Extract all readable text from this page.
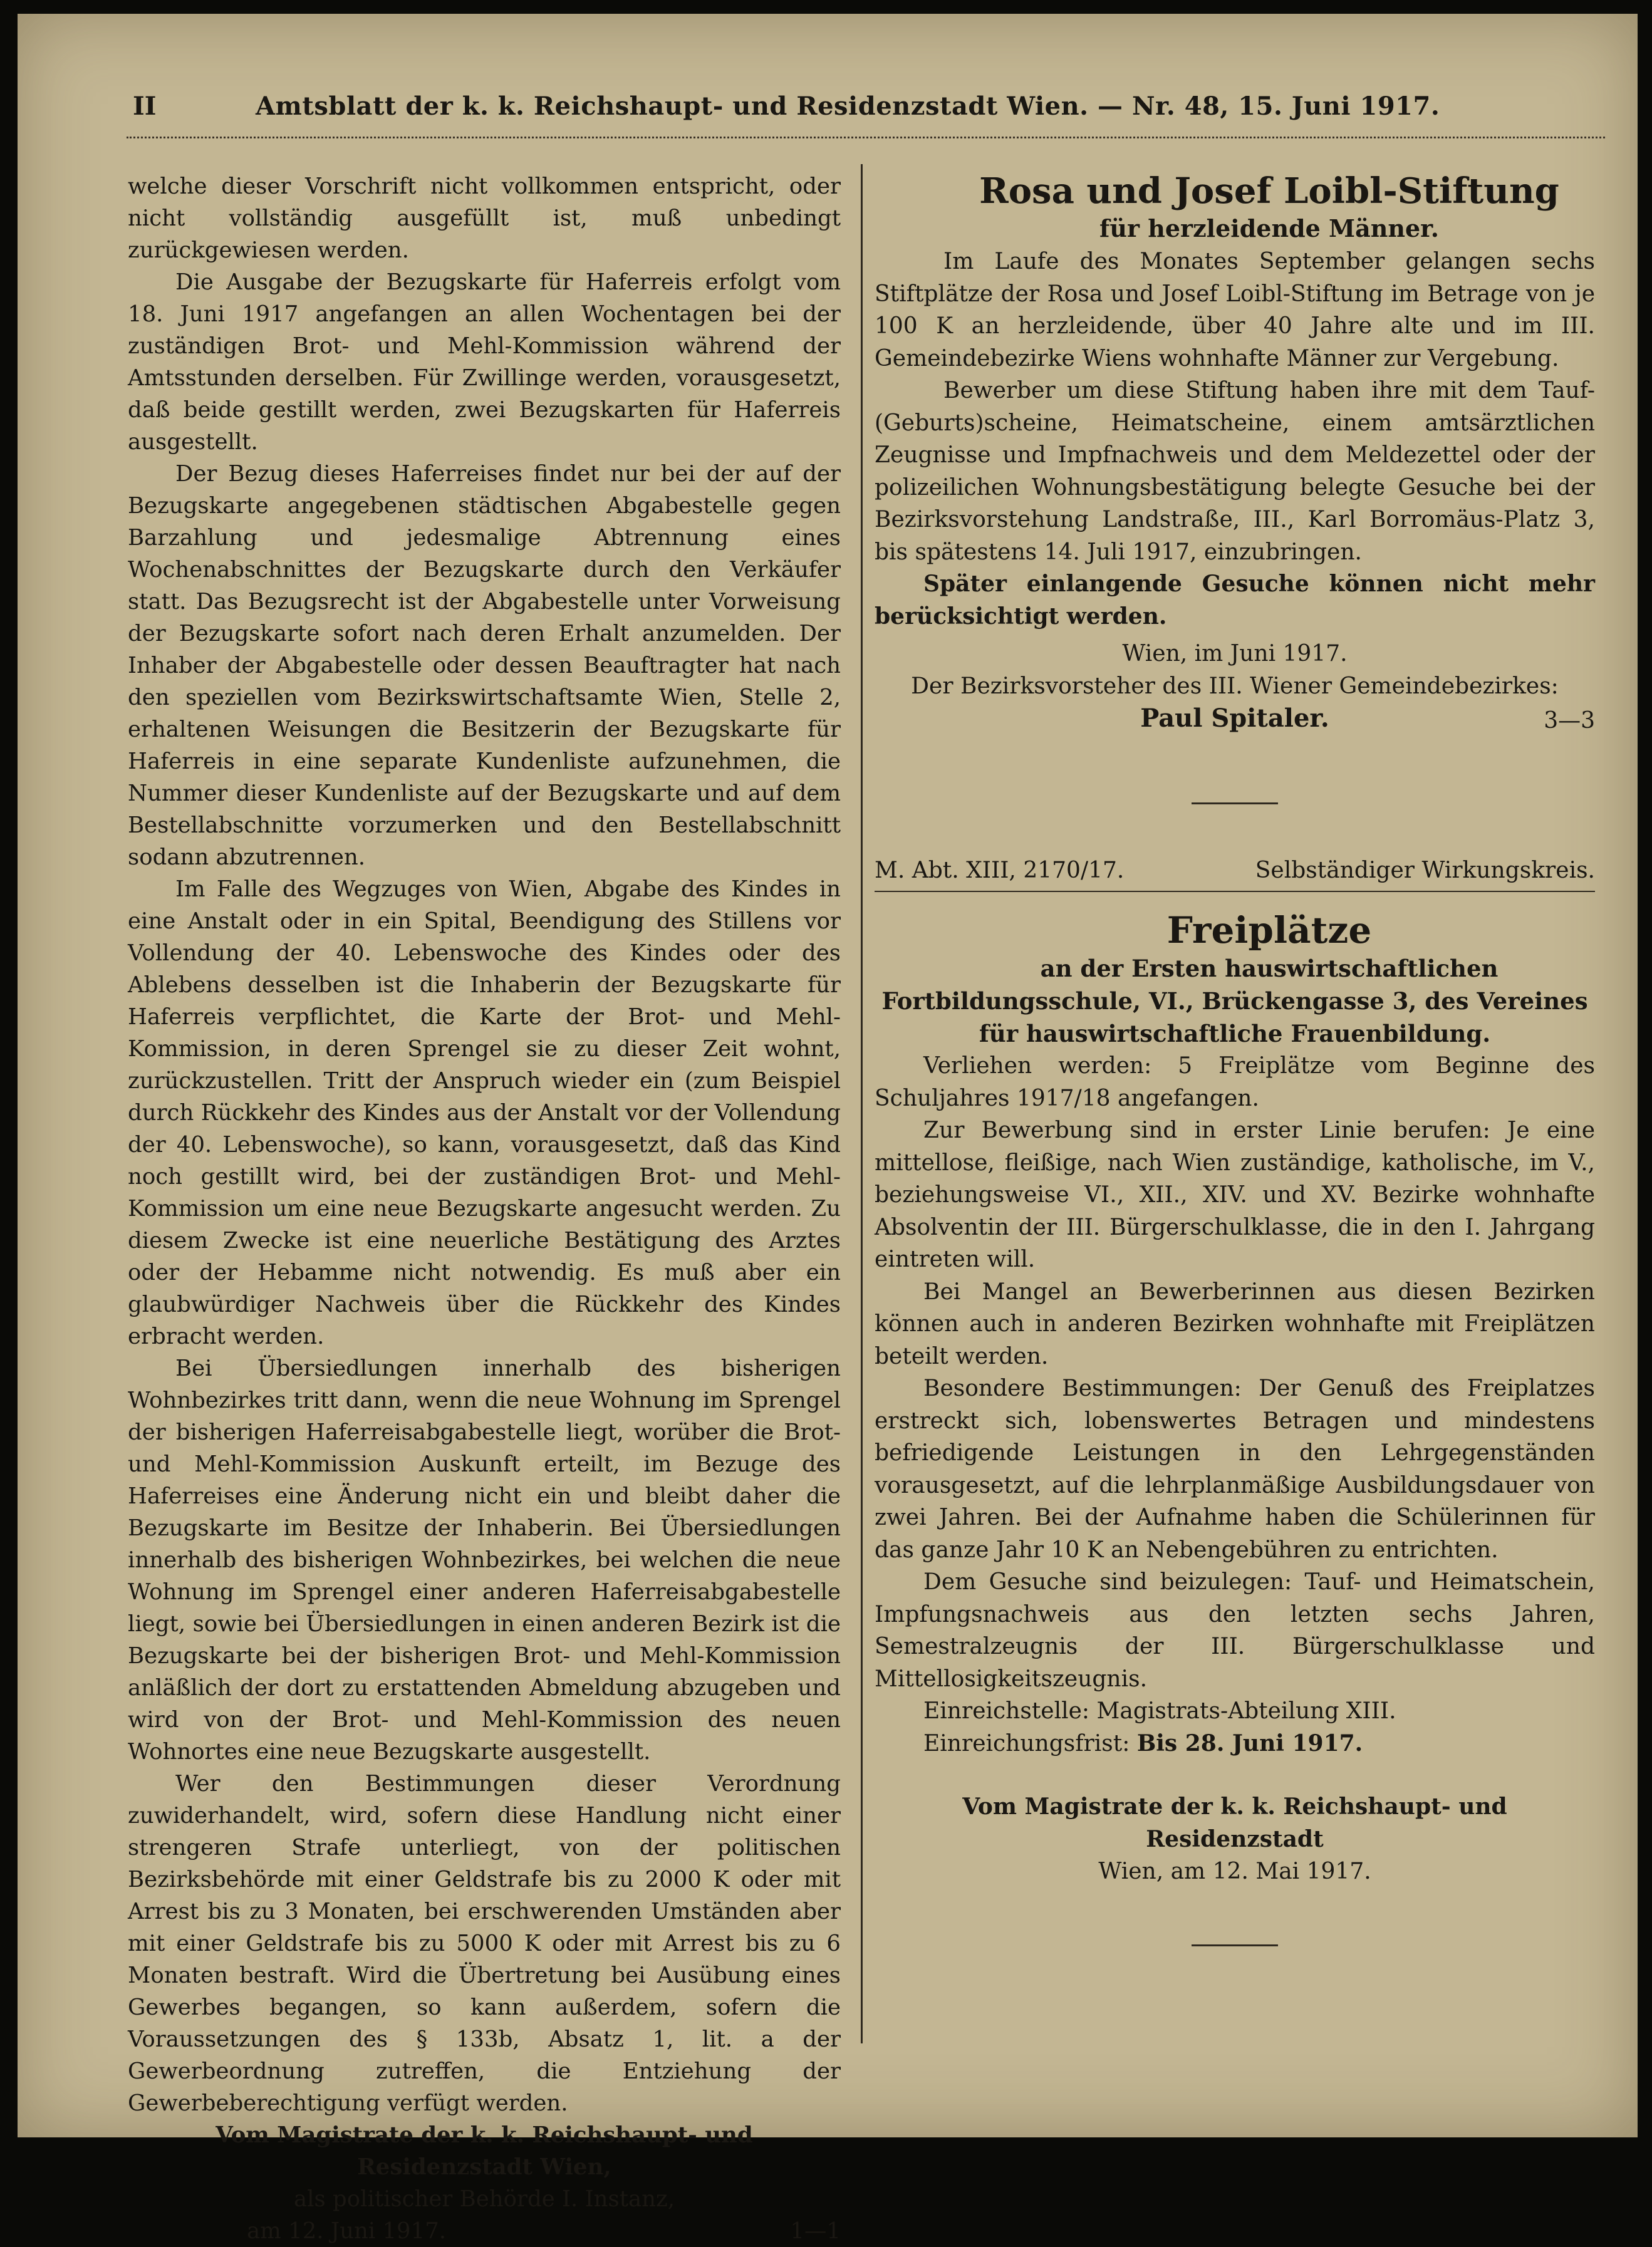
II	Amtsblatt der k. k. Reichshaupt- und Residenzstadt Wien. — Nr. 48, 15. Juni 1917.

welche dieser Vorschrift nicht vollkommen entspricht, oder nicht vollständig ausgefüllt ist, muß unbedingt zurückgewiesen werden.

Die Ausgabe der Bezugskarte für Haferreis erfolgt vom 18. Juni 1917 angefangen an allen Wochentagen bei der zuständigen Brot- und Mehl-Kommission während der Amtsstunden derselben. Für Zwillinge werden, vorausgesetzt, daß beide gestillt werden, zwei Bezugskarten für Haferreis ausgestellt.

Der Bezug dieses Haferreises findet nur bei der auf der Bezugskarte angegebenen städtischen Abgabestelle gegen Barzahlung und jedesmalige Abtrennung eines Wochenabschnittes der Bezugskarte durch den Verkäufer statt. Das Bezugsrecht ist der Abgabestelle unter Vorweisung der Bezugskarte sofort nach deren Erhalt anzumelden. Der Inhaber der Abgabestelle oder dessen Beauftragter hat nach den speziellen vom Bezirkswirtschaftsamte Wien, Stelle 2, erhaltenen Weisungen die Besitzerin der Bezugskarte für Haferreis in eine separate Kundenliste aufzunehmen, die Nummer dieser Kundenliste auf der Bezugskarte und auf dem Bestellabschnitte vorzumerken und den Bestellabschnitt sodann abzutrennen.

Im Falle des Wegzuges von Wien, Abgabe des Kindes in eine Anstalt oder in ein Spital, Beendigung des Stillens vor Vollendung der 40. Lebenswoche des Kindes oder des Ablebens desselben ist die Inhaberin der Bezugskarte für Haferreis verpflichtet, die Karte der Brot- und Mehl-Kommission, in deren Sprengel sie zu dieser Zeit wohnt, zurückzustellen. Tritt der Anspruch wieder ein (zum Beispiel durch Rückkehr des Kindes aus der Anstalt vor der Vollendung der 40. Lebenswoche), so kann, vorausgesetzt, daß das Kind noch gestillt wird, bei der zuständigen Brot- und Mehl-Kommission um eine neue Bezugskarte angesucht werden. Zu diesem Zwecke ist eine neuerliche Bestätigung des Arztes oder der Hebamme nicht notwendig. Es muß aber ein glaubwürdiger Nachweis über die Rückkehr des Kindes erbracht werden.

Bei Übersiedlungen innerhalb des bisherigen Wohnbezirkes tritt dann, wenn die neue Wohnung im Sprengel der bisherigen Haferreisabgabestelle liegt, worüber die Brot- und Mehl-Kommission Auskunft erteilt, im Bezuge des Haferreises eine Änderung nicht ein und bleibt daher die Bezugskarte im Besitze der Inhaberin. Bei Übersiedlungen innerhalb des bisherigen Wohnbezirkes, bei welchen die neue Wohnung im Sprengel einer anderen Haferreisabgabestelle liegt, sowie bei Übersiedlungen in einen anderen Bezirk ist die Bezugskarte bei der bisherigen Brot- und Mehl-Kommission anläßlich der dort zu erstattenden Abmeldung abzugeben und wird von der Brot- und Mehl-Kommission des neuen Wohnortes eine neue Bezugskarte ausgestellt.

Wer den Bestimmungen dieser Verordnung zuwiderhandelt, wird, sofern diese Handlung nicht einer strengeren Strafe unterliegt, von der politischen Bezirksbehörde mit einer Geldstrafe bis zu 2000 K oder mit Arrest bis zu 3 Monaten, bei erschwerenden Umständen aber mit einer Geldstrafe bis zu 5000 K oder mit Arrest bis zu 6 Monaten bestraft. Wird die Übertretung bei Ausübung eines Gewerbes begangen, so kann außerdem, sofern die Voraussetzungen des § 133b, Absatz 1, lit. a der Gewerbeordnung zutreffen, die Entziehung der Gewerbeberechtigung verfügt werden.

Vom Magistrate der k. k. Reichshaupt- und Residenzstadt Wien,

als politischer Behörde I. Instanz,

am 12. Juni 1917.	1—1

Rosa und Josef Loibl-Stiftung

für herzleidende Männer.

Im Laufe des Monates September gelangen sechs Stiftplätze der Rosa und Josef Loibl-Stiftung im Betrage von je 100 K an herzleidende, über 40 Jahre alte und im III. Gemeindebezirke Wiens wohnhafte Männer zur Vergebung.

Bewerber um diese Stiftung haben ihre mit dem Tauf- (Geburts)scheine, Heimatscheine, einem amtsärztlichen Zeugnisse und Impfnachweis und dem Meldezettel oder der polizeilichen Wohnungsbestätigung belegte Gesuche bei der Bezirksvorstehung Landstraße, III., Karl Borromäus-Platz 3, bis spätestens 14. Juli 1917, einzubringen.

Später einlangende Gesuche können nicht mehr berücksichtigt werden.

Wien, im Juni 1917.

Der Bezirksvorsteher des III. Wiener Gemeindebezirkes:

Paul Spitaler.	3—3
M. Abt. XIII, 2170/17.	Selbständiger Wirkungskreis.

Freiplätze

an der Ersten hauswirtschaftlichen Fortbildungsschule, VI., Brückengasse 3, des Vereines für hauswirtschaftliche Frauenbildung.

Verliehen werden: 5 Freiplätze vom Beginne des Schuljahres 1917/18 angefangen.

Zur Bewerbung sind in erster Linie berufen: Je eine mittellose, fleißige, nach Wien zuständige, katholische, im V., beziehungsweise VI., XII., XIV. und XV. Bezirke wohnhafte Absolventin der III. Bürgerschulklasse, die in den I. Jahrgang eintreten will.

Bei Mangel an Bewerberinnen aus diesen Bezirken können auch in anderen Bezirken wohnhafte mit Freiplätzen beteilt werden.

Besondere Bestimmungen: Der Genuß des Freiplatzes erstreckt sich, lobenswertes Betragen und mindestens befriedigende Leistungen in den Lehrgegenständen vorausgesetzt, auf die lehrplanmäßige Ausbildungsdauer von zwei Jahren. Bei der Aufnahme haben die Schülerinnen für das ganze Jahr 10 K an Nebengebühren zu entrichten.

Dem Gesuche sind beizulegen: Tauf- und Heimatschein, Impfungsnachweis aus den letzten sechs Jahren, Semestralzeugnis der III. Bürgerschulklasse und Mittellosigkeitszeugnis.

Einreichstelle: Magistrats-Abteilung XIII.

Einreichungsfrist: Bis 28. Juni 1917.

Vom Magistrate der k. k. Reichshaupt- und Residenzstadt

Wien, am 12. Mai 1917.
